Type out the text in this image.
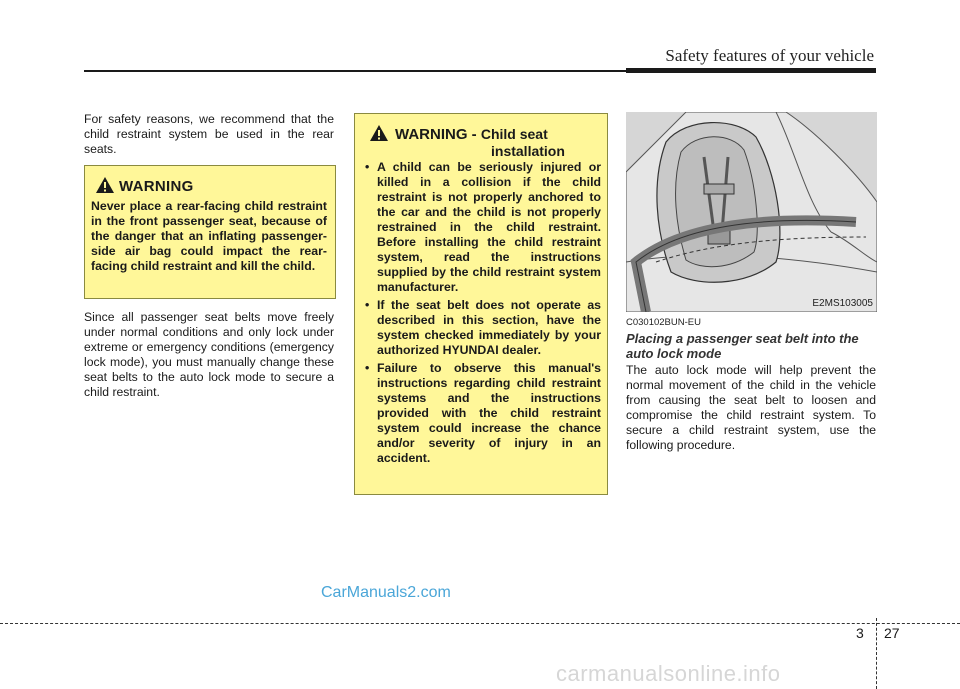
Safety features of your vehicle

For safety reasons, we recommend that the child restraint system be used in the rear seats.

WARNING
Never place a rear-facing child restraint in the front passenger seat, because of the danger that an inflating passenger-side air bag could impact the rear-facing child restraint and kill the child.

Since all passenger seat belts move freely under normal conditions and only lock under extreme or emergency conditions (emergency lock mode), you must manually change these seat belts to the auto lock mode to secure a child restraint.

WARNING - Child seat
installation
• A child can be seriously injured or killed in a collision if the child restraint is not properly anchored to the car and the child is not properly restrained in the child restraint. Before installing the child restraint system, read the instructions supplied by the child restraint system manufacturer.
• If the seat belt does not operate as described in this section, have the system checked immediately by your authorized HYUNDAI dealer.
• Failure to observe this manual's instructions regarding child restraint systems and the instructions provided with the child restraint system could increase the chance and/or severity of injury in an accident.
E2MS103005
C030102BUN-EU
Placing a passenger seat belt into the auto lock mode
The auto lock mode will help prevent the normal movement of the child in the vehicle from causing the seat belt to loosen and compromise the child restraint system. To secure a child restraint system, use the following procedure.
CarManuals2.com
3 27
carmanualsonline.info
